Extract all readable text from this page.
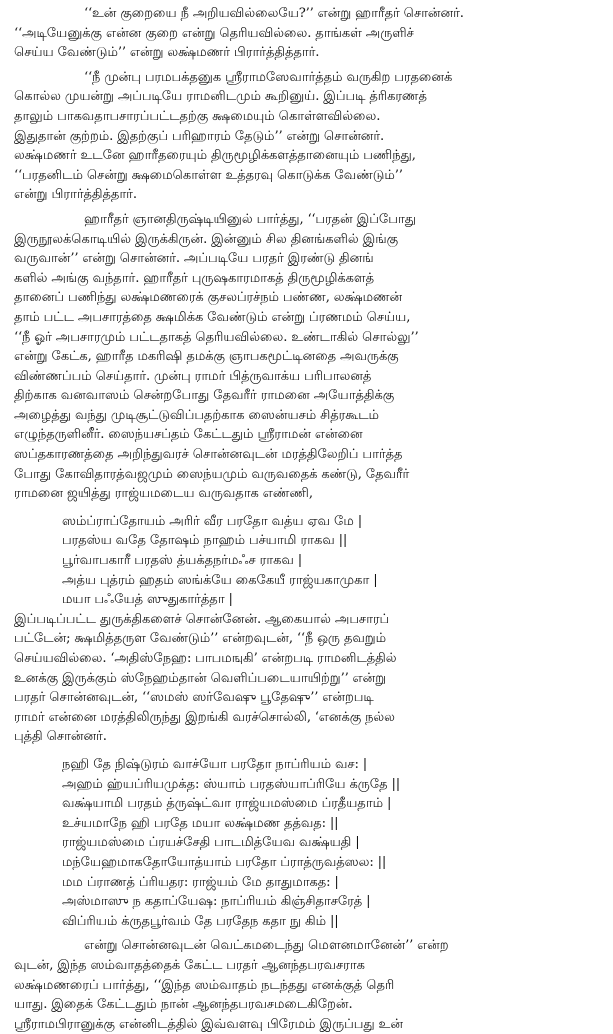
‘‘உன் குறையை நீ அறியவில்லையே?’’ என்று ஹாரீதர் சொன்னர்.
‘‘அடியேனுக்கு என்ன குறை என்று தெரியவில்லை. தாங்கள் அருளிச்
செய்ய வேண்டும்’’ என்று லக்ஷ்மணர் பிரார்த்தித்தார்.
‘‘நீ முன்பு பரமபக்தனுக ஸ்ரீராமஸேவார்த்தம் வருகிற பரதனைக்
கொல்ல முயன்று அப்படியே ராமனிடமும் கூறினுய். இப்படி த்ரிகரணத்
தாலும் பாகவதாபசாரப்பட்டதற்கு க்ஷமையும் கொள்ளவில்லை.
இதுதான் குற்றம். இதற்குப் பரிஹாரம் தேடும்’’ என்று சொன்னர்.
லக்ஷ்மணர் உடனே ஹாரீதரையும் திருமூழிக்களத்தானையும் பணிந்து,
‘‘பரதனிடம் சென்று க்ஷமைகொள்ள உத்தரவு கொடுக்க வேண்டும்’’
என்று பிரார்த்தித்தார்.
ஹாரீதர் ஞானதிருஷ்டியினுல் பார்த்து, ‘‘பரதன் இப்போது
இருநூலக்கொடியில் இருக்கிருன். இன்னும் சில தினங்களில் இங்கு
வருவான்’’ என்று சொன்னர். அப்படியே பரதர் இரண்டு தினங்
களில் அங்கு வந்தார். ஹாரீதர் புருஷகாரமாகத் திருமூழிக்களத்
தானைப் பணிந்து லக்ஷ்மணரைக் குசலப்ரச்நம் பண்ண, லக்ஷ்மணன்
தாம் பட்ட அபசாரத்தை க்ஷமிக்க வேண்டும் என்று ப்ரணமம் செய்ய,
‘‘நீ ஓர் அபசாரமும் பட்டதாகத் தெரியவில்லை. உண்டாகில் சொல்லு’’
என்று கேட்க, ஹாரீத மகரிஷி தமக்கு ஞாபகமூட்டினதை அவருக்கு
விண்ணப்பம் செய்தார். முன்பு ராமர் பித்ருவாக்ய பரிபாலனத்
திற்காக வனவாஸம் சென்றபோது தேவரீர் ராமனை அயோத்திக்கு
அழைத்து வந்து முடிசூட்டுவிப்பதற்காக ஸைன்யசம் சித்ரகூடம்
எழுந்தருளினீர். ஸைந்யசப்தம் கேட்டதும் ஸ்ரீராமன் என்னை
ஸப்தகாரணத்தை அறிந்துவரச் சொன்னவுடன் மரத்திலேறிப் பார்த்த
போது கோவிதாரத்வஜமும் ஸைந்யமும் வருவதைக் கண்டு, தேவரீர்
ராமனை ஜயித்து ராஜ்யமடைய வருவதாக எண்ணி,
ஸம்ப்ராப்தோயம் அரிர் வீர பரதோ வத்ய ஏவ மே |
பரதஸ்ய வதே தோஷம் நாஹம் பச்யாமி ராகவ ||
பூர்வாபகாரீ பரதஸ் த்யக்தநர்மஃச ராகவ |
அத்ய புத்ரம் ஹதம் ஸங்க்யே கைகேயீ ராஜ்யகாமுகா |
மயா பஃயேத் ஸுதுகார்த்தா |
இப்படிப்பட்ட துருக்திகளைச் சொன்னேன். ஆகையால் அபசாரப்
பட்டேன்; க்ஷமித்தருள வேண்டும்’’ என்றவுடன், ‘‘நீ ஒரு தவறும்
செய்யவில்லை. ‘அதிஸ்நேஹ: பாபமஙுகி’ என்றபடி ராமனிடத்தில்
உனக்கு இருக்கும் ஸ்நேஹம்தான் வெளிப்படையாயிற்று’’ என்று
பரதர் சொன்னவுடன், ‘‘ஸமஸ் ஸர்வேஷு பூதேஷு’’ என்றபடி
ராமர் என்னை மரத்திலிருந்து இறங்கி வரச்சொல்லி, ‘எனக்கு நல்ல
புத்தி சொன்னர்.
நஹி தே நிஷ்டுரம் வாச்யோ பரதோ நாப்ரியம் வச: |
அஹம் ஹ்யப்ரியமுக்த: ஸ்யாம் பரதஸ்யாப்ரியே க்ருதே ||
வக்ஷ்யாமி பரதம் த்ருஷ்ட்வா ராஜ்யமஸ்மை ப்ரதீயதாம் |
உச்யமாநே ஹி பரதே மயா லக்ஷ்மண தத்வத: ||
ராஜ்யமஸ்மை ப்ரயச்சேதி பாடமித்யேவ வக்ஷ்யதி |
மந்யேஹமாகதோயோத்யாம் பரதோ ப்ராத்ருவத்ஸல: ||
மம ப்ராணத் ப்ரியதர: ராஜ்யம் மே தாதுமாகத: |
அஸ்மாஸு ந கதாப்யேஷ: நாப்ரியம் கிஞ்சிதாசரேத் |
விப்ரியம் க்ருதபூர்வம் தே பரதேந கதா நு கிம் ||
என்று சொன்னவுடன் வெட்கமடைந்து மௌனமானேன்’’ என்ற
வுடன், இந்த ஸம்வாதத்தைக் கேட்ட பரதர் ஆனந்தபரவசராக
லக்ஷ்மணரைப் பார்த்து, ‘‘இந்த ஸம்வாதம் நடந்தது எனக்குத் தெரி
யாது. இதைக் கேட்டதும் நான் ஆனந்தபரவசமடைகிறேன்.
ஸ்ரீராமபிரானுக்கு என்னிடத்தில் இவ்வளவு பிரேமம் இருப்பது உன்
